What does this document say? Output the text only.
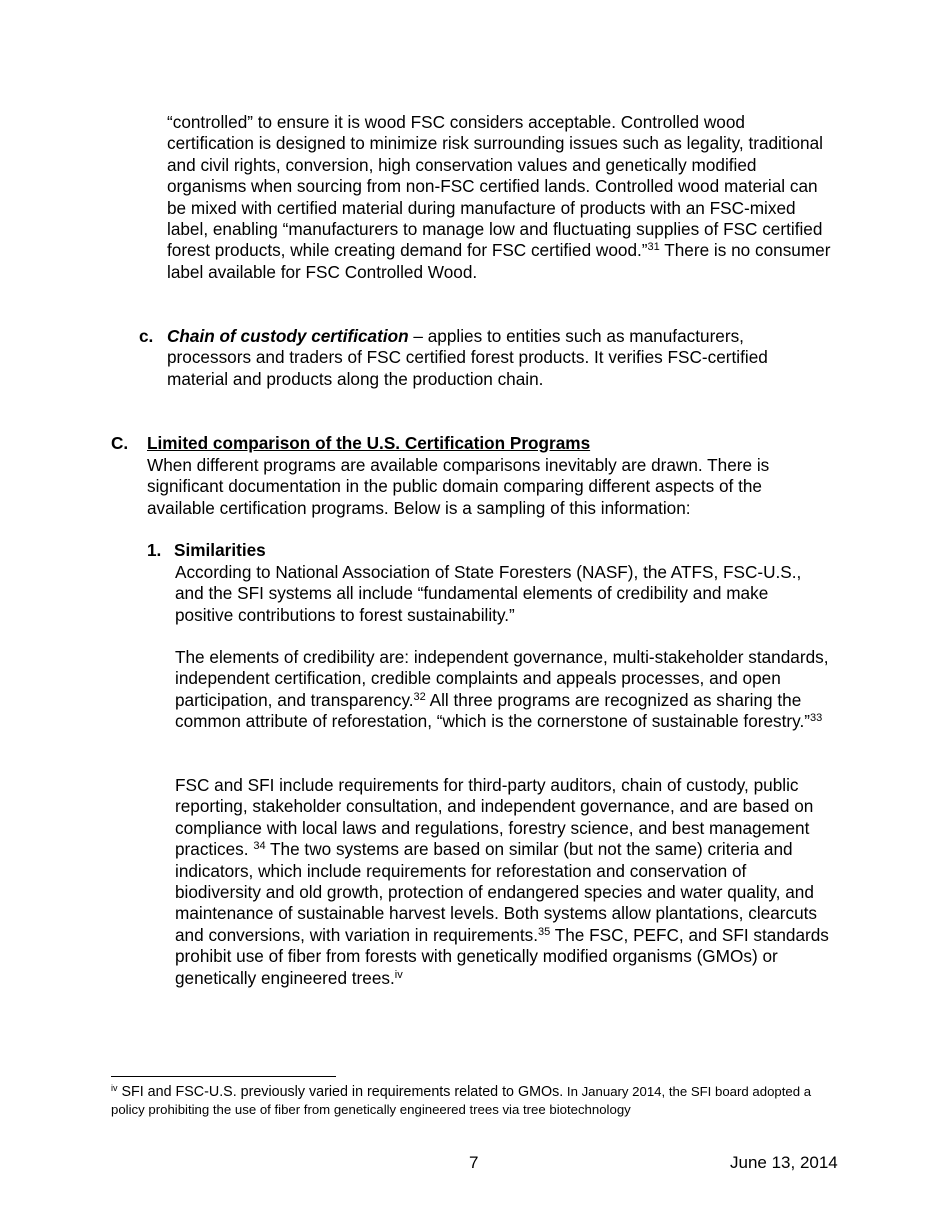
“controlled” to ensure it is wood FSC considers acceptable. Controlled wood certification is designed to minimize risk surrounding issues such as legality, traditional and civil rights, conversion, high conservation values and genetically modified organisms when sourcing from non-FSC certified lands. Controlled wood material can be mixed with certified material during manufacture of products with an FSC-mixed label, enabling “manufacturers to manage low and fluctuating supplies of FSC certified forest products, while creating demand for FSC certified wood.”$^{31}$ There is no consumer label available for FSC Controlled Wood.

c. Chain of custody certification – applies to entities such as manufacturers, processors and traders of FSC certified forest products. It verifies FSC-certified material and products along the production chain.
C. Limited comparison of the U.S. Certification Programs

When different programs are available comparisons inevitably are drawn. There is significant documentation in the public domain comparing different aspects of the available certification programs. Below is a sampling of this information:

1. Similarities

According to National Association of State Foresters (NASF), the ATFS, FSC-U.S., and the SFI systems all include “fundamental elements of credibility and make positive contributions to forest sustainability.”

The elements of credibility are: independent governance, multi-stakeholder standards, independent certification, credible complaints and appeals processes, and open participation, and transparency.$^{32}$ All three programs are recognized as sharing the common attribute of reforestation, “which is the cornerstone of sustainable forestry.”$^{33}$

FSC and SFI include requirements for third-party auditors, chain of custody, public reporting, stakeholder consultation, and independent governance, and are based on compliance with local laws and regulations, forestry science, and best management practices. $^{34}$ The two systems are based on similar (but not the same) criteria and indicators, which include requirements for reforestation and conservation of biodiversity and old growth, protection of endangered species and water quality, and maintenance of sustainable harvest levels. Both systems allow plantations, clearcuts and conversions, with variation in requirements.$^{35}$ The FSC, PEFC, and SFI standards prohibit use of fiber from forests with genetically modified organisms (GMOs) or genetically engineered trees.$^{iv}$

$^{iv}$ SFI and FSC-U.S. previously varied in requirements related to GMOs. In January 2014, the SFI board adopted a policy prohibiting the use of fiber from genetically engineered trees via tree biotechnology
7	June 13, 2014
